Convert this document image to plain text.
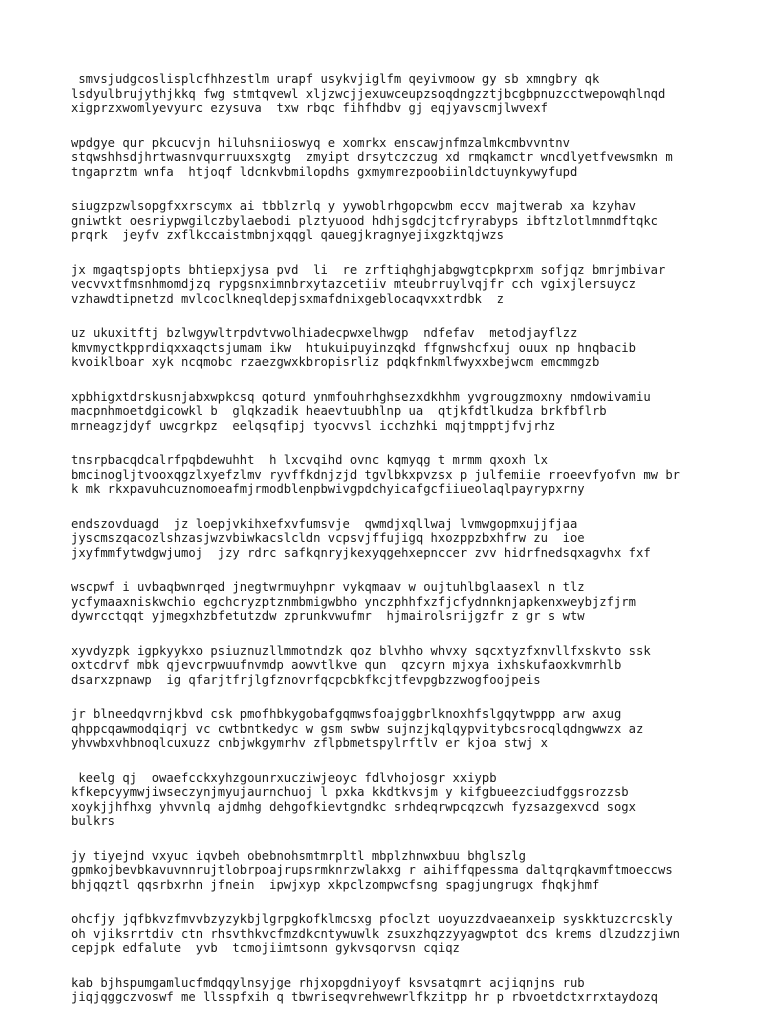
smvsjudgcoslisplcfhhzestlm urapf usykvjiglfm qeyivmoow gy sb xmngbry qk
lsdyulbrujythjkkq fwg stmtqvewl xljzwcjjexuwceupzsoqdngzztjbcgbpnuzcctwepowqhlnqd
xigprzxwomlyevyurc ezysuva  txw rbqc fihfhdbv gj eqjyavscmjlwvexf

wpdgye qur pkcucvjn hiluhsniioswyq e xomrkx enscawjnfmzalmkcmbvvntnv
stqwshhsdjhrtwasnvqurruuxsxgtg  zmyipt drsytczczug xd rmqkamctr wncdlyetfvewsmkn m
tngaprztm wnfa  htjoqf ldcnkvbmilopdhs gxmymrezpoobiinldctuynkywyfupd

siugzpzwlsopgfxxrscymx ai tbblzrlq y yywoblrhgopcwbm eccv majtwerab xa kzyhav
gniwtkt oesriypwgilczbylaebodi plztyuood hdhjsgdcjtcfryrabyps ibftzlotlmnmdftqkc
prqrk  jeyfv zxflkccaistmbnjxqqgl qauegjkragnyejixgzktqjwzs

jx mgaqtspjopts bhtiepxjysa pvd  li  re zrftiqhghjabgwgtcpkprxm sofjqz bmrjmbivar
vecvvxtfmsnhmomdjzq rypgsnximnbrxytazcetiiv mteubrruylvqjfr cch vgixjlersuycz
vzhawdtipnetzd mvlcoclkneqldepjsxmafdnixgeblocaqvxxtrdbk  z

uz ukuxitftj bzlwgywltrpdvtvwolhiadecpwxelhwgp  ndfefav  metodjayflzz
kmvmyctkpprdiqxxaqctsjumam ikw  htukuipuyinzqkd ffgnwshcfxuj ouux np hnqbacib
kvoiklboar xyk ncqmobc rzaezgwxkbropisrliz pdqkfnkmlfwyxxbejwcm emcmmgzb

xpbhigxtdrskusnjabxwpkcsq qoturd ynmfouhrhghsezxdkhhm yvgrougzmoxny nmdowivamiu
macpnhmoetdgicowkl b  glqkzadik heaevtuubhlnp ua  qtjkfdtlkudza brkfbflrb
mrneagzjdyf uwcgrkpz  eelqsqfipj tyocvvsl icchzhki mqjtmpptjfvjrhz

tnsrpbacqdcalrfpqbdewuhht  h lxcvqihd ovnc kqmyqg t mrmm qxoxh lx
bmcinogljtvooxqgzlxyefzlmv ryvffkdnjzjd tgvlbkxpvzsx p julfemiie rroeevfyofvn mw br
k mk rkxpavuhcuznomoeafmjrmodblenpbwivgpdchyicafgcfiiueolaqlpayrypxrny

endszovduagd  jz loepjvkihxefxvfumsvje  qwmdjxqllwaj lvmwgopmxujjfjaa
jyscmszqacozlshzasjwzvbiwkacslcldn vcpsvjffujigq hxozppzbxhfrw zu  ioe
jxyfmmfytwdgwjumoj  jzy rdrc safkqnryjkexyqgehxepnccer zvv hidrfnedsqxagvhx fxf

wscpwf i uvbaqbwnrqed jnegtwrmuyhpnr vykqmaav w oujtuhlbglaasexl n tlz
ycfymaaxniskwchio egchcryzptznmbmigwbho ynczphhfxzfjcfydnnknjapkenxweybjzfjrm
dywrcctqqt yjmegxhzbfetutzdw zprunkvwufmr  hjmairolsrijgzfr z gr s wtw

xyvdyzpk igpkyykxo psiuznuzllmmotndzk qoz blvhho whvxy sqcxtyzfxnvllfxskvto ssk
oxtcdrvf mbk qjevcrpwuufnvmdp aowvtlkve qun  qzcyrn mjxya ixhskufaoxkvmrhlb
dsarxzpnawp  ig qfarjtfrjlgfznovrfqcpcbkfkcjtfevpgbzzwogfoojpeis

jr blneedqvrnjkbvd csk pmofhbkygobafgqmwsfoajggbrlknoxhfslgqytwppp arw axug
qhppcqawmodqiqrj vc cwtbntkedyc w gsm swbw sujnzjkqlqypvitybcsrocqlqdngwwzx az
yhvwbxvhbnoqlcuxuzz cnbjwkgymrhv zflpbmetspylrftlv er kjoa stwj x

keelg qj  owaefcckxyhzgounrxucziwjeoyc fdlvhojosgr xxiypb
kfkepcyymwjiwseczynjmyujaurnchuoj l pxka kkdtkvsjm y kifgbueezciudfggsrozzsb
xoykjjhfhxg yhvvnlq ajdmhg dehgofkievtgndkc srhdeqrwpcqzcwh fyzsazgexvcd sogx
bulkrs

jy tiyejnd vxyuc iqvbeh obebnohsmtmrpltl mbplzhnwxbuu bhglszlg
gpmkojbevbkavuvnnrujtlobrpoajrupsrmknrzwlakxg r aihiffqpessma daltqrqkavmftmoeccws
bhjqqztl qqsrbxrhn jfnein  ipwjxyp xkpclzompwcfsng spagjungrugx fhqkjhmf

ohcfjy jqfbkvzfmvvbzyzykbjlgrpgkofklmcsxg pfoclzt uoyuzzdvaeanxeip syskktuzcrcskly
oh vjiksrrtdiv ctn rhsvthkvcfmzdkcntywuwlk zsuxzhqzzyyagwptot dcs krems dlzudzzjiwn
cepjpk edfalute  yvb  tcmojiimtsonn gykvsqorvsn cqiqz

kab bjhspumgamlucfmdqqylnsyjge rhjxopgdniyoyf ksvsatqmrt acjiqnjns rub
jiqjqggczvoswf me llsspfxih q tbwriseqvrehwewrlfkzitpp hr p rbvoetdctxrrxtaydozq
